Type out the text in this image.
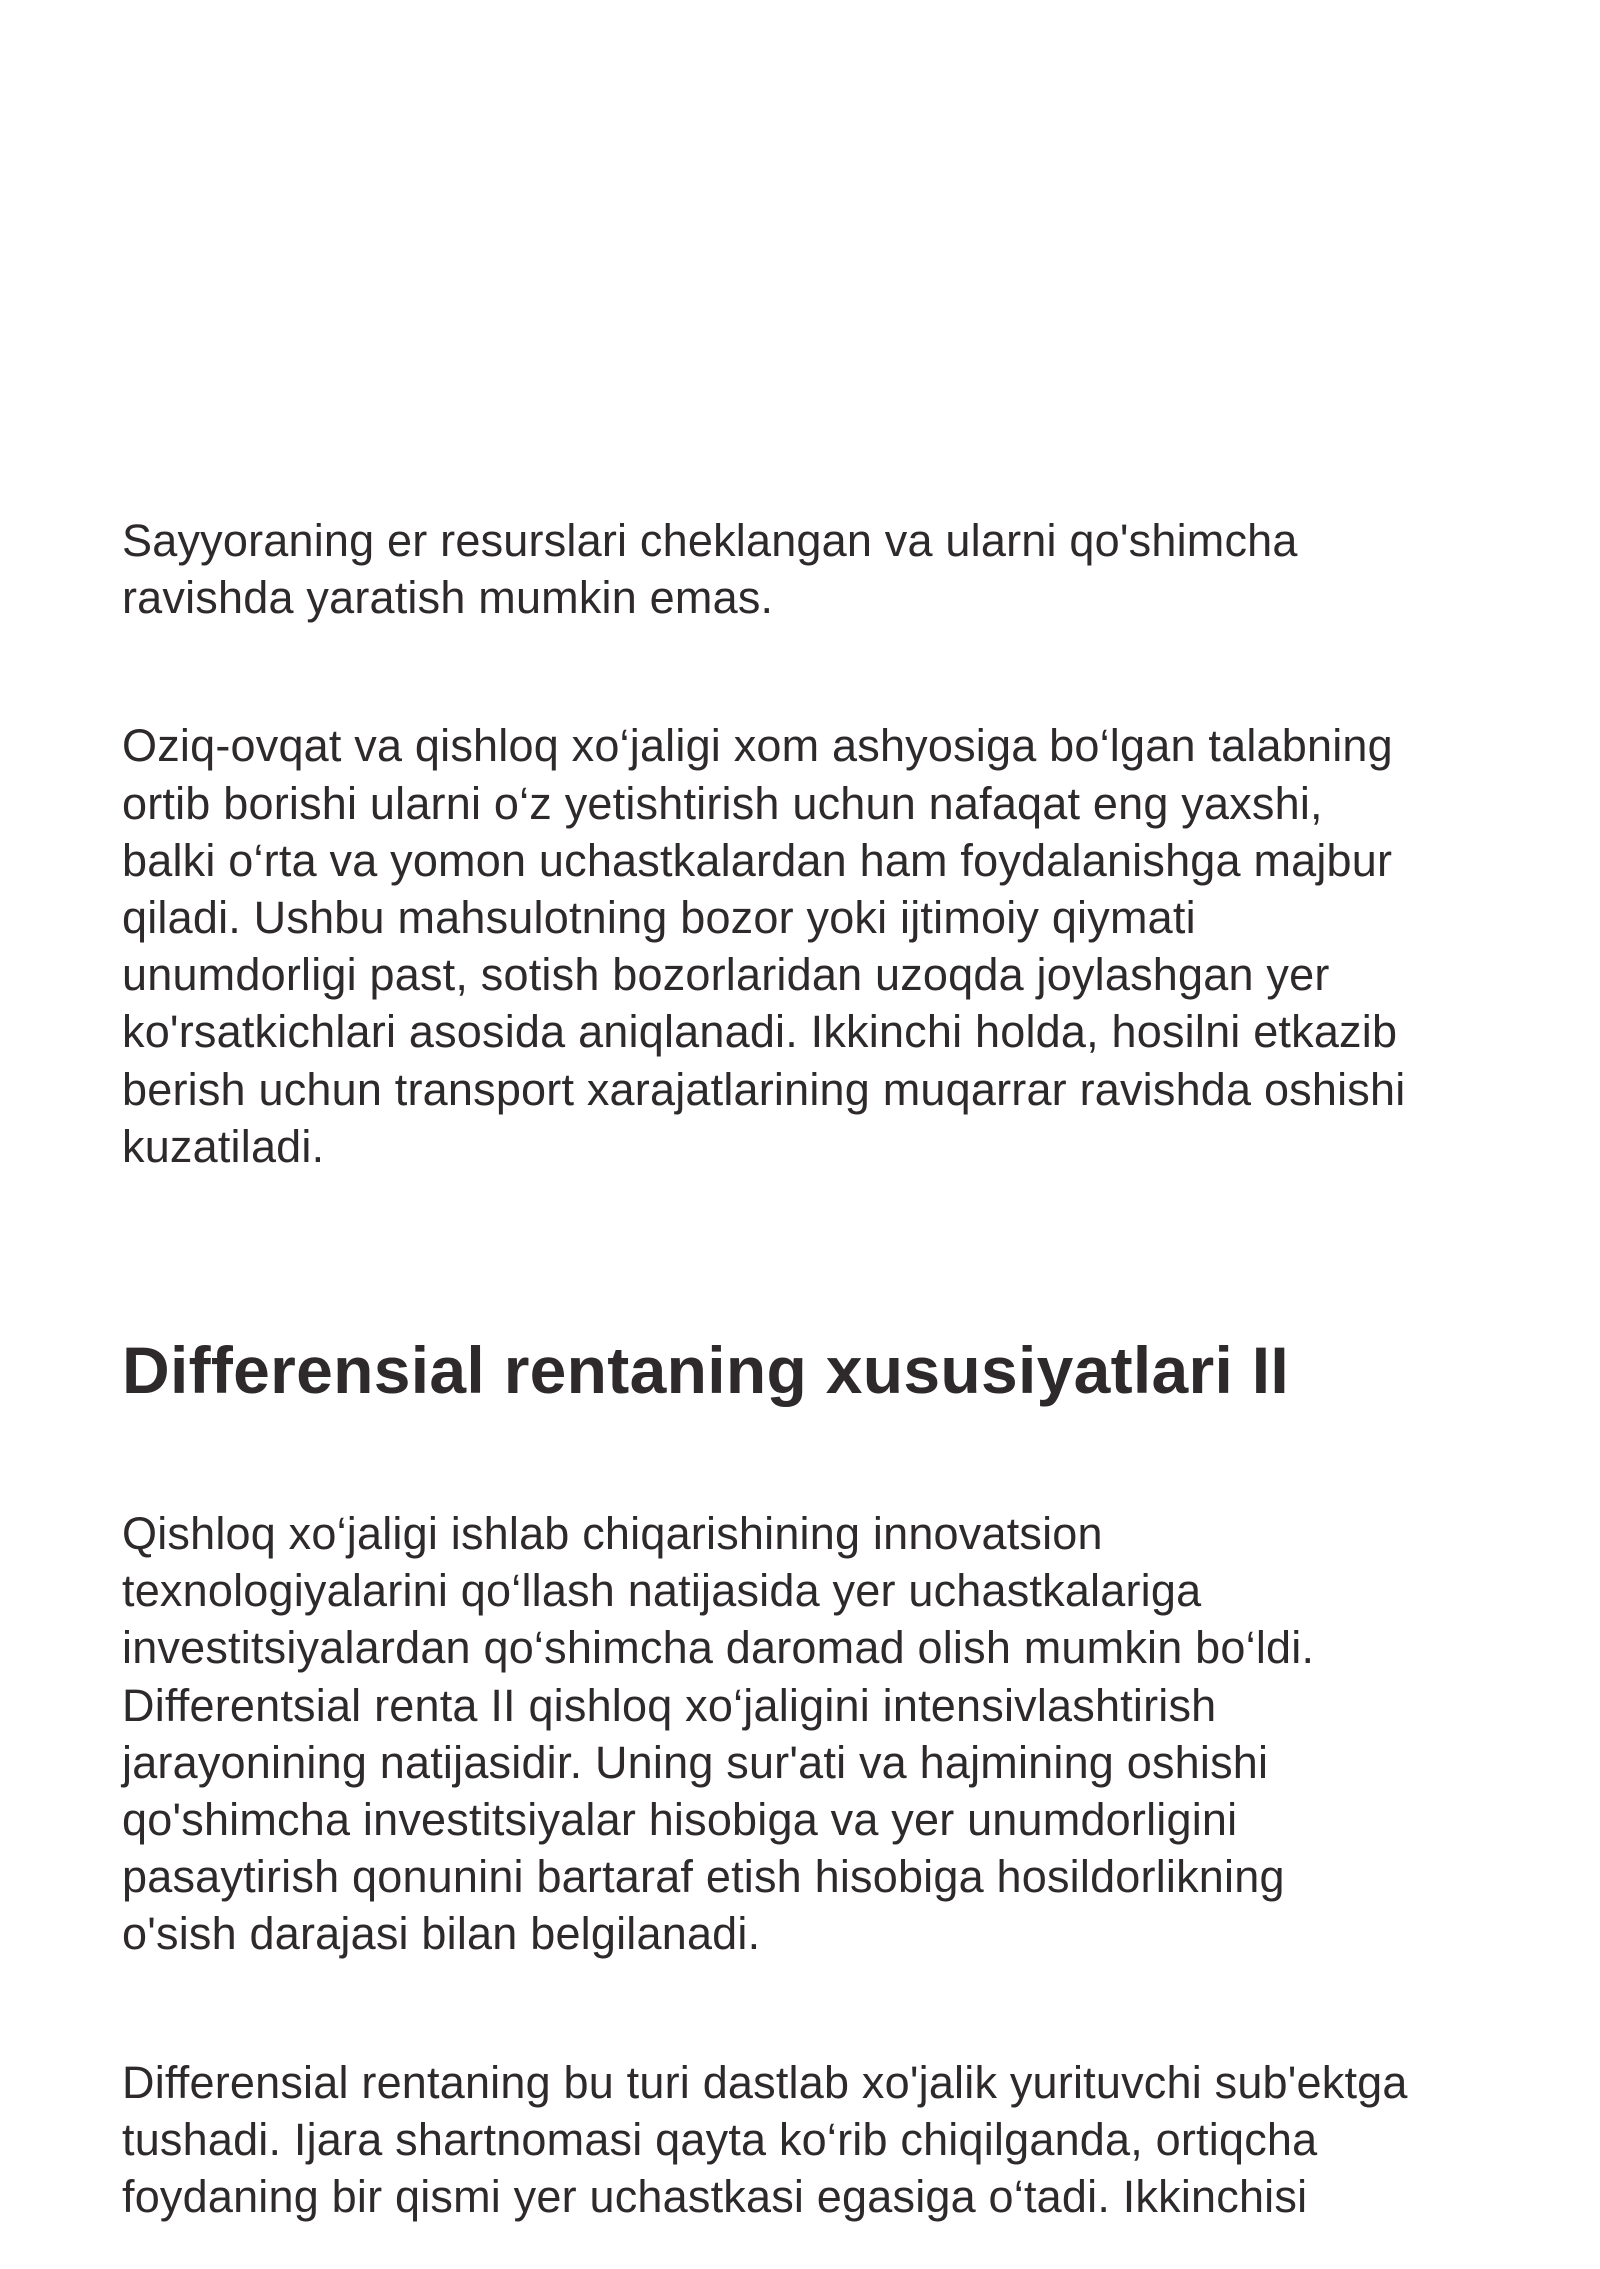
Sayyoraning er resurslari cheklangan va ularni qo'shimcha
ravishda yaratish mumkin emas.

Oziq-ovqat va qishloq xo‘jaligi xom ashyosiga bo‘lgan talabning
ortib borishi ularni o‘z yetishtirish uchun nafaqat eng yaxshi,
balki o‘rta va yomon uchastkalardan ham foydalanishga majbur
qiladi. Ushbu mahsulotning bozor yoki ijtimoiy qiymati
unumdorligi past, sotish bozorlaridan uzoqda joylashgan yer
ko'rsatkichlari asosida aniqlanadi. Ikkinchi holda, hosilni etkazib
berish uchun transport xarajatlarining muqarrar ravishda oshishi
kuzatiladi.

Differensial rentaning xususiyatlari II

Qishloq xo‘jaligi ishlab chiqarishining innovatsion
texnologiyalarini qo‘llash natijasida yer uchastkalariga
investitsiyalardan qo‘shimcha daromad olish mumkin bo‘ldi.
Differentsial renta II qishloq xo‘jaligini intensivlashtirish
jarayonining natijasidir. Uning sur'ati va hajmining oshishi
qo'shimcha investitsiyalar hisobiga va yer unumdorligini
pasaytirish qonunini bartaraf etish hisobiga hosildorlikning
o'sish darajasi bilan belgilanadi.

Differensial rentaning bu turi dastlab xo'jalik yurituvchi sub'ektga
tushadi. Ijara shartnomasi qayta ko‘rib chiqilganda, ortiqcha
foydaning bir qismi yer uchastkasi egasiga o‘tadi. Ikkinchisi
